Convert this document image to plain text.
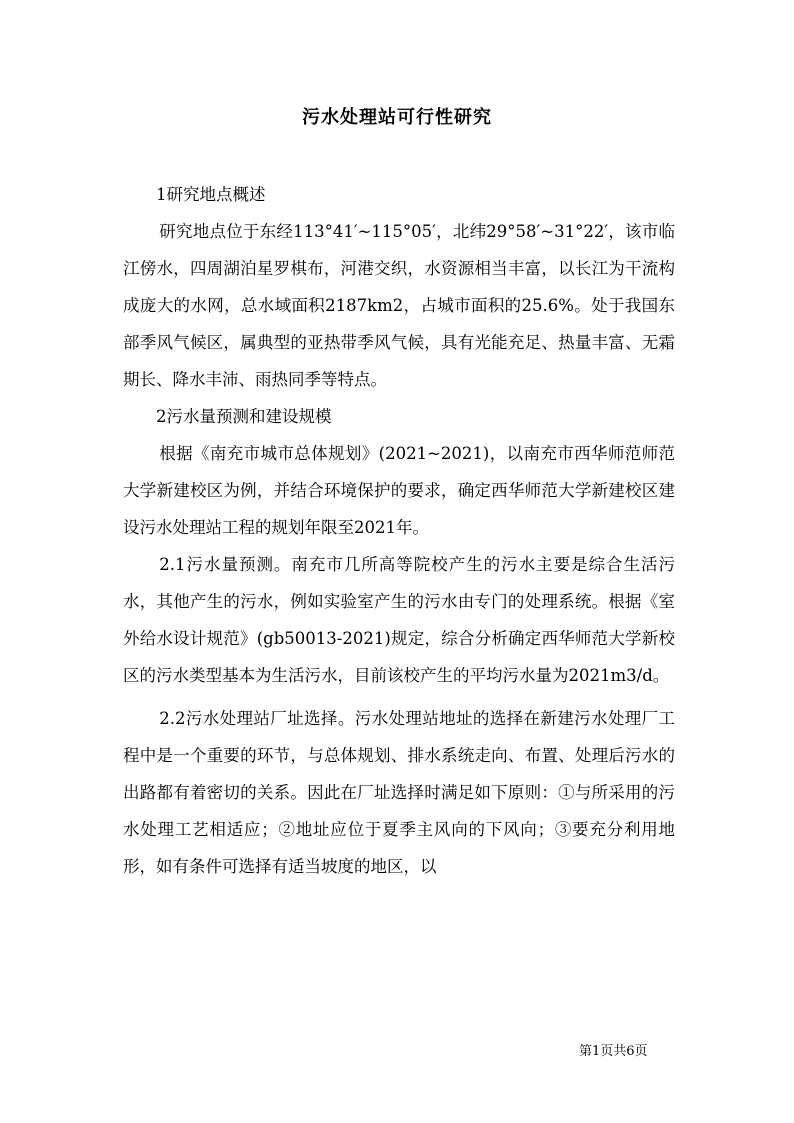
污水处理站可行性研究

1研究地点概述

研究地点位于东经113°41′~115°05′，北纬29°58′~31°22′，该市临江傍水，四周湖泊星罗棋布，河港交织，水资源相当丰富，以长江为干流构成庞大的水网，总水域面积2187km2，占城市面积的25.6%。处于我国东部季风气候区，属典型的亚热带季风气候，具有光能充足、热量丰富、无霜期长、降水丰沛、雨热同季等特点。

2污水量预测和建设规模

根据《南充市城市总体规划》(2021~2021)，以南充市西华师范师范大学新建校区为例，并结合环境保护的要求，确定西华师范大学新建校区建设污水处理站工程的规划年限至2021年。

2.1污水量预测。南充市几所高等院校产生的污水主要是综合生活污水，其他产生的污水，例如实验室产生的污水由专门的处理系统。根据《室外给水设计规范》(gb50013-2021)规定，综合分析确定西华师范大学新校区的污水类型基本为生活污水，目前该校产生的平均污水量为2021m3/d。

2.2污水处理站厂址选择。污水处理站地址的选择在新建污水处理厂工程中是一个重要的环节，与总体规划、排水系统走向、布置、处理后污水的出路都有着密切的关系。因此在厂址选择时满足如下原则：①与所采用的污水处理工艺相适应；②地址应位于夏季主风向的下风向；③要充分利用地形，如有条件可选择有适当坡度的地区，以

第1页共6页
